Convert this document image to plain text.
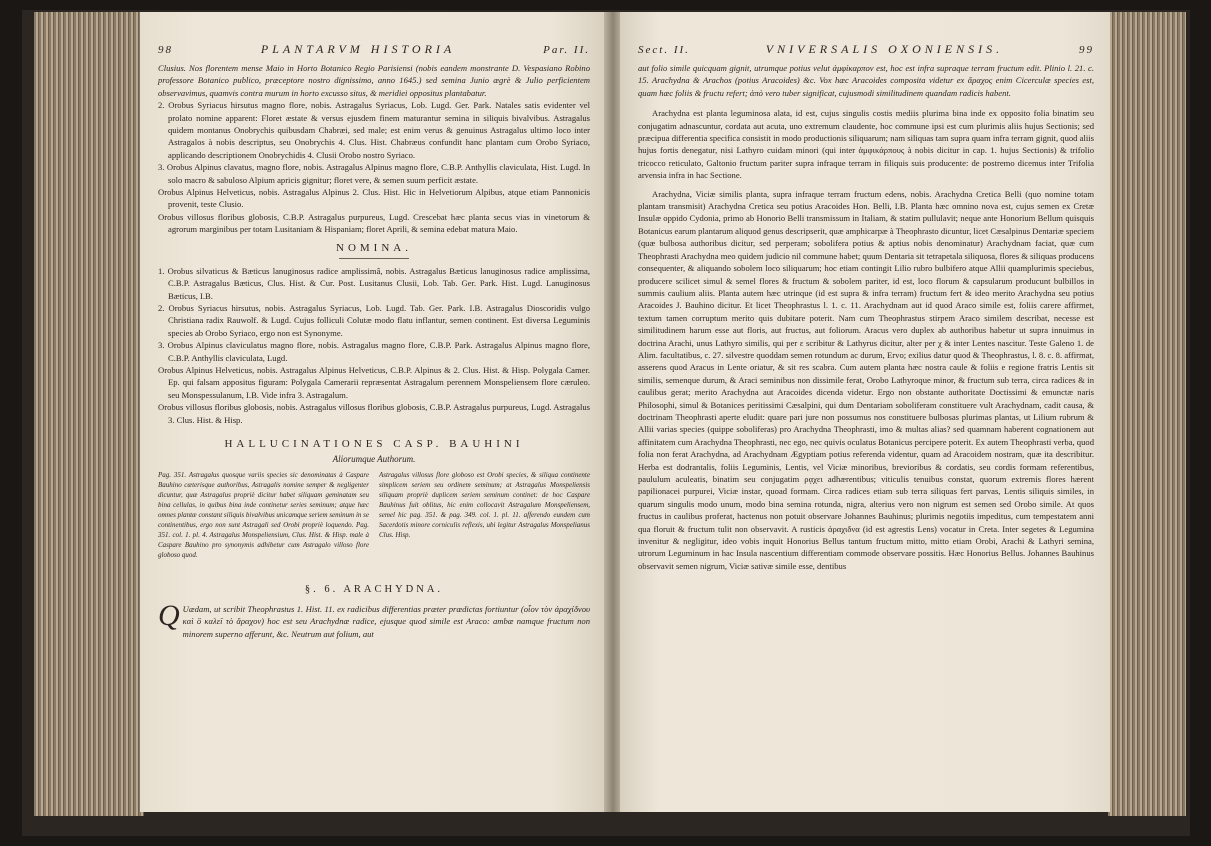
98	PLANTARVM HISTORIA	Par. II.

Clusius. Nos florentem mense Maio in Horto Botanico Regio Parisiensi (nobis eandem monstrante D. Vespasiano Robino professore Botanico publico, præceptore nostro dignissimo, anno 1645.) sed semina Junio ægrè & Julio perficientem observavimus, quamvis contra murum in horto excusso situs, & meridiei oppositus plantabatur.

2. Orobus Syriacus hirsutus magno flore, nobis. Astragalus Syriacus, Lob. Lugd. Ger. Park. Natales satis evidenter vel prolato nomine apparent: Floret æstate & versus ejusdem finem maturantur semina in siliquis bivalvibus. Astragalus quidem montanus Onobrychis quibusdam Chabræi, sed male; est enim verus & genuinus Astragalus ultimo loco inter Astragalos à nobis descriptus, seu Onobrychis 4. Clus. Hist. Chabræus confundit hanc plantam cum Orobo Syriaco, applicando descriptionem Onobrychidis 4. Clusii Orobo nostro Syriaco.

3. Orobus Alpinus clavatus, magno flore, nobis. Astragalus Alpinus magno flore, C.B.P. Anthyllis claviculata, Hist. Lugd. In solo macro & sabuloso Alpium apricis gignitur; floret vere, & semen suum perficit æstate.

Orobus Alpinus Helveticus, nobis. Astragalus Alpinus 2. Clus. Hist. Hic in Helvetiorum Alpibus, atque etiam Pannonicis provenit, teste Clusio.

Orobus villosus floribus globosis, C.B.P. Astragalus purpureus, Lugd. Crescebat hæc planta secus vias in vinetorum & agrorum marginibus per totam Lusitaniam & Hispaniam; floret Aprili, & semina edebat matura Maio.

NOMINA.

1. Orobus silvaticus & Bæticus lanuginosus radice amplissimâ, nobis. Astragalus Bæticus lanuginosus radice amplissima, C.B.P. Astragalus Bæticus, Clus. Hist. & Cur. Post. Lusitanus Clusii, Lob. Tab. Ger. Park. Hist. Lugd. Lanuginosus Bæticus, I.B.

2. Orobus Syriacus hirsutus, nobis. Astragalus Syriacus, Lob. Lugd. Tab. Ger. Park. I.B. Astragalus Dioscoridis vulgo Christiana radix Rauwolf. & Lugd. Cujus folliculi Colutæ modo flatu inflantur, semen continent. Est diversa Leguminis species ab Orobo Syriaco, ergo non est Synonyme.

3. Orobus Alpinus claviculatus magno flore, nobis. Astragalus magno flore, C.B.P. Park. Astragalus Alpinus magno flore, C.B.P. Anthyllis claviculata, Lugd.

Orobus Alpinus Helveticus, nobis. Astragalus Alpinus Helveticus, C.B.P. Alpinus & 2. Clus. Hist. & Hisp. Polygala Camer. Ep. qui falsam appositus figuram: Polygala Camerarii repræsentat Astragalum perennem Monspeliensem flore cæruleo. seu Monspessulanum, I.B. Vide infra 3. Astragalum.

Orobus villosus floribus globosis, nobis. Astragalus villosus floribus globosis, C.B.P. Astragalus purpureus, Lugd. Astragalus 3. Clus. Hist. & Hisp.

HALLUCINATIONES CASP. BAUHINI
Aliorumque Authorum.

Pag. 351. Astragalus quosque variis species sic denominatas à Caspare Bauhino cæterisque authoribus, Astragalis nomine semper & negligenter dicuntur, quæ Astragalus propriè dicitur habet siliquam geminatam seu bina cellulas, in quibus bina inde continetur series seminum; atque hæc omnes plantæ constant siliquis bivalvibus unicamque seriem seminum in se continentibus, ergo non sunt Astragali sed Orobi propriè loquendo. Pag. 351. col. 1. pl. 4. Astragalus Monspeliensium, Clus. Hist. & Hisp. male à Caspare Bauhino pro synonymis adhibetur cum Astragalo villoso flore globoso quod.

Astragalus villosus flore globoso est Orobi species, & siliqua continente simplicem seriem seu ordinem seminum; at Astragalus Monspeliensis siliquam propriè duplicem seriem seminum continet: de hoc Caspare Bauhinus fuit oblitus, hic enim collocavit Astragalum Monspeliensem, semel hic pag. 351. & pag. 349. col. 1. pl. 11. afferendo eundem cum Sacerdotis minore corniculis reflexis, ubi legitur Astragalus Monspelianus Clus. Hisp.

§. 6. ARACHYDNA.

Q Uædam, ut scribit Theophrastus 1. Hist. 11. ex radicibus differentias præter prædictas fortiuntur (οἷον τὸν ἀραχίδνου καὶ ὃ καλεῖ τὸ ἄραχον) hoc est seu Arachydnæ radice, ejusque quod simile est Araco: ambæ namque fructum non minorem superno afferunt, &c. Neutrum aut folium, aut

Sect. II.	VNIVERSALIS OXONIENSIS.	99

aut folio simile quicquam gignit, utrumque potius velut ἀμφίκαρπον est, hoc est infra supraque terram fructum edit. Plinio l. 21. c. 15. Arachydna & Arachos (potius Aracoides) &c. Vox hæc Aracoides composita videtur ex ἄραχος enim Cicerculæ species est, quam hæc foliis & fructu refert; ἀπὸ vero tuber significat, cujusmodi similitudinem quandam radicis habent.

Arachydna est planta leguminosa alata, id est, cujus singulis costis mediis plurima bina inde ex opposito folia binatim seu conjugatim adnascuntur, cordata aut acuta, uno extremum claudente, hoc commune ipsi est cum plurimis aliis hujus Sectionis; sed præcipua differentia specifica consistit in modo productionis siliquarum; nam siliquas tam supra quam infra terram gignit, quod aliis hujus fortis denegatur, nisi Lathyro cuidam minori (qui inter ἀμφικάρπους à nobis dicitur in cap. 1. hujus Sectionis) & trifolio tricocco reticulato, Galtonio fructum pariter supra infraque terram in filiquis suis producente: de postremo dicemus inter Trifolia arvensia infra in hac Sectione.

Arachydna, Viciæ similis planta, supra infraque terram fructum edens, nobis. Arachydna Cretica Belli (quo nomine totam plantam transmisit) Arachydna Cretica seu potius Aracoides Hon. Belli, I.B. Planta hæc omnino nova est, cujus semen ex Cretæ Insulæ oppido Cydonia, primo ab Honorio Belli transmissum in Italiam, & statim pullulavit; neque ante Honorium Bellum quisquis Botanicus earum plantarum aliquod genus descripserit, quæ amphicarpæ à Theophrasto dicuntur, licet Cæsalpinus Dentariæ speciem (quæ bulbosa authoribus dicitur, sed perperam; sobolifera potius & aptius nobis denominatur) Arachydnam faciat, quæ cum Theophrasti Arachydna meo quidem judicio nil commune habet; quum Dentaria sit tetrapetala siliquosa, flores & siliquas producens consequenter, & aliquando sobolem loco siliquarum; hoc etiam contingit Lilio rubro bulbifero atque Allii quamplurimis speciebus, producere scilicet simul & semel flores & fructum & sobolem pariter, id est, loco florum & capsularum producunt bulbillos in summis caulium aliis. Planta autem hæc utrinque (id est supra & infra terram) fructum fert & ideo merito Arachydna seu potius Aracoides J. Bauhino dicitur. Et licet Theophrastus l. 1. c. 11. Arachydnam aut id quod Araco simile est, foliis carere affirmet, textum tamen corruptum merito quis dubitare poterit. Nam cum Theophrastus stirpem Araco similem describat, necesse est similitudinem harum esse aut floris, aut fructus, aut foliorum. Aracus vero duplex ab authoribus habetur ut supra innuimus in doctrina Arachi, unus Lathyro similis, qui per ε scribitur & Lathyrus dicitur, alter per χ & inter Lentes nascitur. Teste Galeno 1. de Alim. facultatibus, c. 27. silvestre quoddam semen rotundum ac durum, Ervo; exilius datur quod & Theophrastus, l. 8. c. 8. affirmat, asserens quod Aracus in Lente oriatur, & sit res scabra. Cum autem planta hæc nostra caule & foliis e regione fratris Lentis sit similis, semenque durum, & Araci seminibus non dissimile ferat, Orobo Lathyroque minor, & fructum sub terra, circa radices & in caulibus gerat; merito Arachydna aut Aracoides dicenda videtur. Ergo non obstante authoritate Doctissimi & emunctæ naris Philosophi, simul & Botanices peritissimi Cæsalpini, qui dum Dentariam soboliferam constituere vult Arachydnam, cadit causa, & doctrinam Theophrasti aperte eludit: quare pari jure non possumus nos constituere bulbosas plurimas plantas, ut Lilium rubrum & Allii varias species (quippe soboliferas) pro Arachydna Theophrasti, imo & multas alias? sed quamnam haberent cognationem aut affinitatem cum Arachydna Theophrasti, nec ego, nec quivis oculatus Botanicus percipere poterit. Ex autem Theophrasti verba, quod folia non ferat Arachydna, ad Arachydnam Ægyptiam potius referenda videntur, quam ad Aracoidem nostram, quæ ita describitur. Herba est dodrantalis, foliis Leguminis, Lentis, vel Viciæ minoribus, brevioribus & cordatis, seu cordis formam referentibus, paululum aculeatis, binatim seu conjugatim ρᾳχει adhærentibus; viticulis tenuibus constat, quorum extremis flores hærent papilionacei purpurei, Viciæ instar, quoad formam. Circa radices etiam sub terra siliquas fert parvas, Lentis siliquis similes, in quarum singulis modo unum, modo bina semina rotunda, nigra, alterius vero non nigrum est semen sed Orobo simile. At quos fructus in caulibus proferat, hactenus non potuit observare Johannes Bauhinus; plurimis negotiis impeditus, cum tempestatem anni qua floruit & fructum tulit non observavit. A rusticis ἀραχιδνα (id est agrestis Lens) vocatur in Creta. Inter segetes & Legumina invenitur & negligitur, ideo vobis inquit Honorius Bellus tantum fructum mitto, mitto etiam Orobi, Arachi & Lathyri semina, utrorum Leguminum in hac Insula nascentium differentiam commode observare possitis. Hæc Honorius Bellus. Johannes Bauhinus observavit semen nigrum, Viciæ sativæ simile esse, dentibus
